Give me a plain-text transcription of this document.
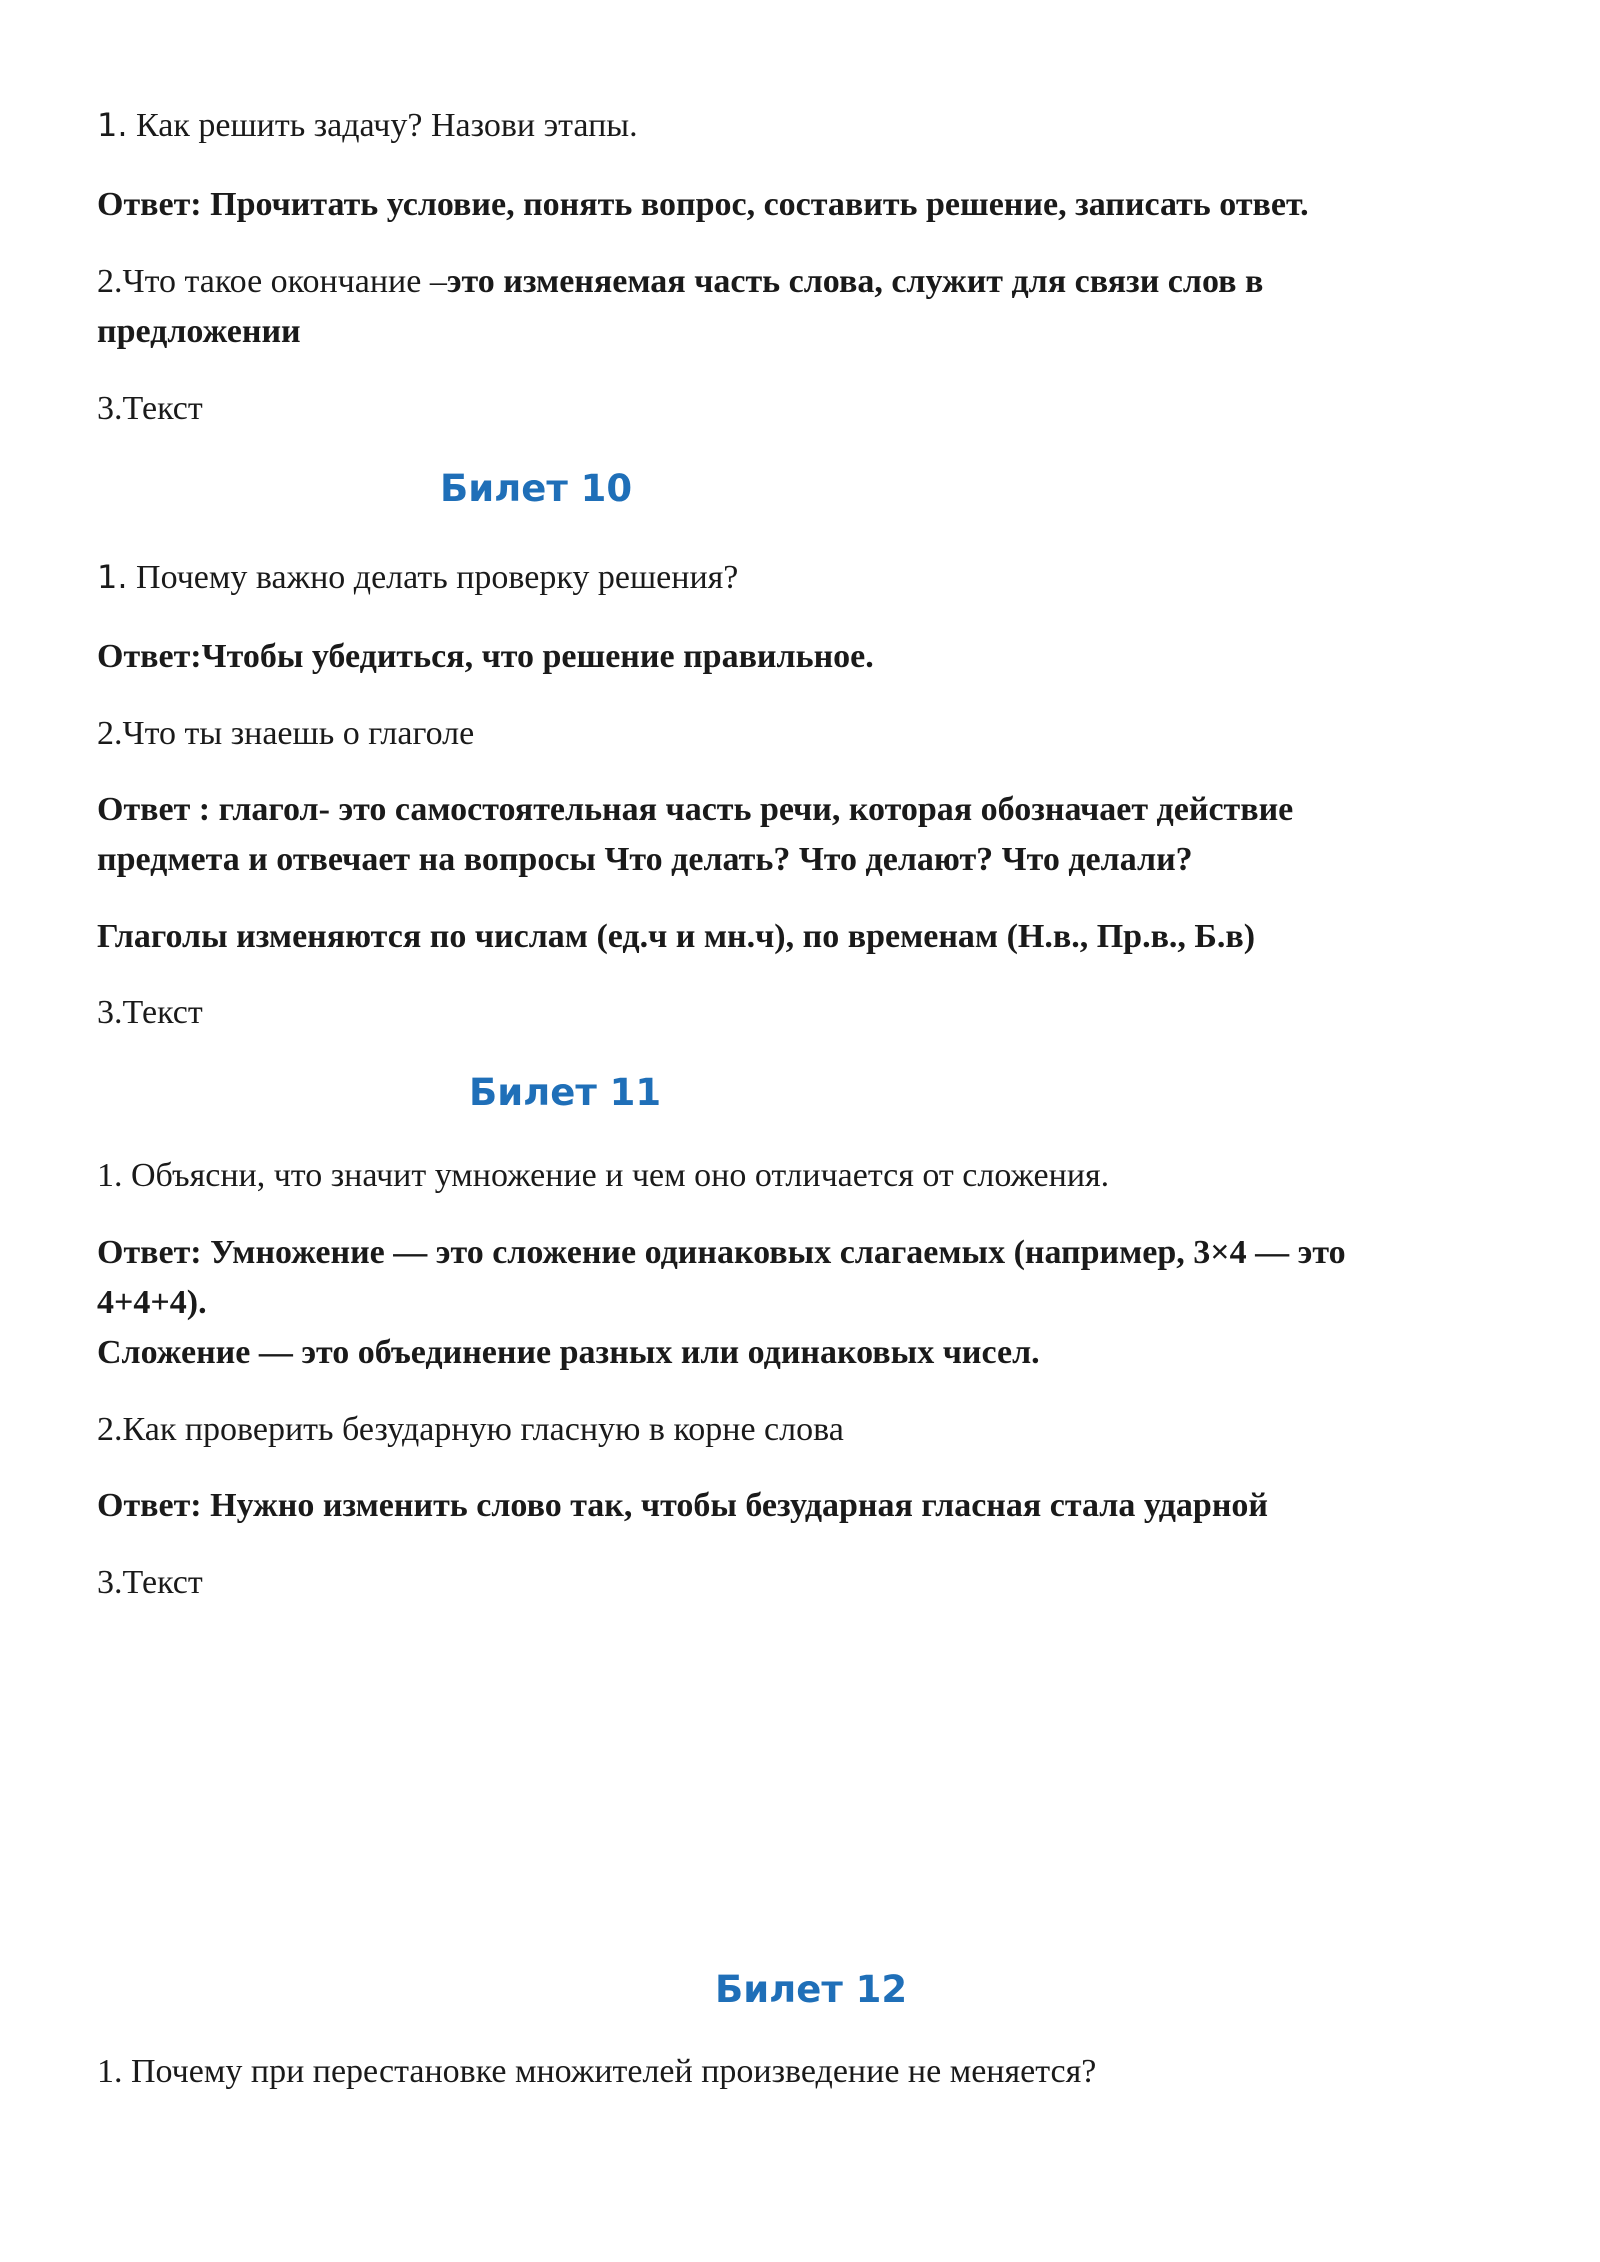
1. Как решить задачу? Назови этапы.

Ответ: Прочитать условие, понять вопрос, составить решение, записать ответ.

2.Что такое окончание –это изменяемая часть слова, служит для связи слов в

предложении

3.Текст

Билет 10

1. Почему важно делать проверку решения?

Ответ:Чтобы убедиться, что решение правильное.

2.Что ты знаешь о глаголе

Ответ : глагол- это самостоятельная часть речи, которая обозначает действие

предмета и отвечает на вопросы Что делать? Что делают? Что делали?

Глаголы изменяются по числам (ед.ч и мн.ч), по временам (Н.в., Пр.в., Б.в)

3.Текст

Билет 11

1. Объясни, что значит умножение и чем оно отличается от сложения.

Ответ: Умножение — это сложение одинаковых слагаемых (например, 3×4 — это

4+4+4).

Сложение — это объединение разных или одинаковых чисел.

2.Как проверить безударную гласную в корне слова

Ответ: Нужно изменить слово так, чтобы безударная гласная стала ударной

3.Текст

Билет 12

1. Почему при перестановке множителей произведение не меняется?
